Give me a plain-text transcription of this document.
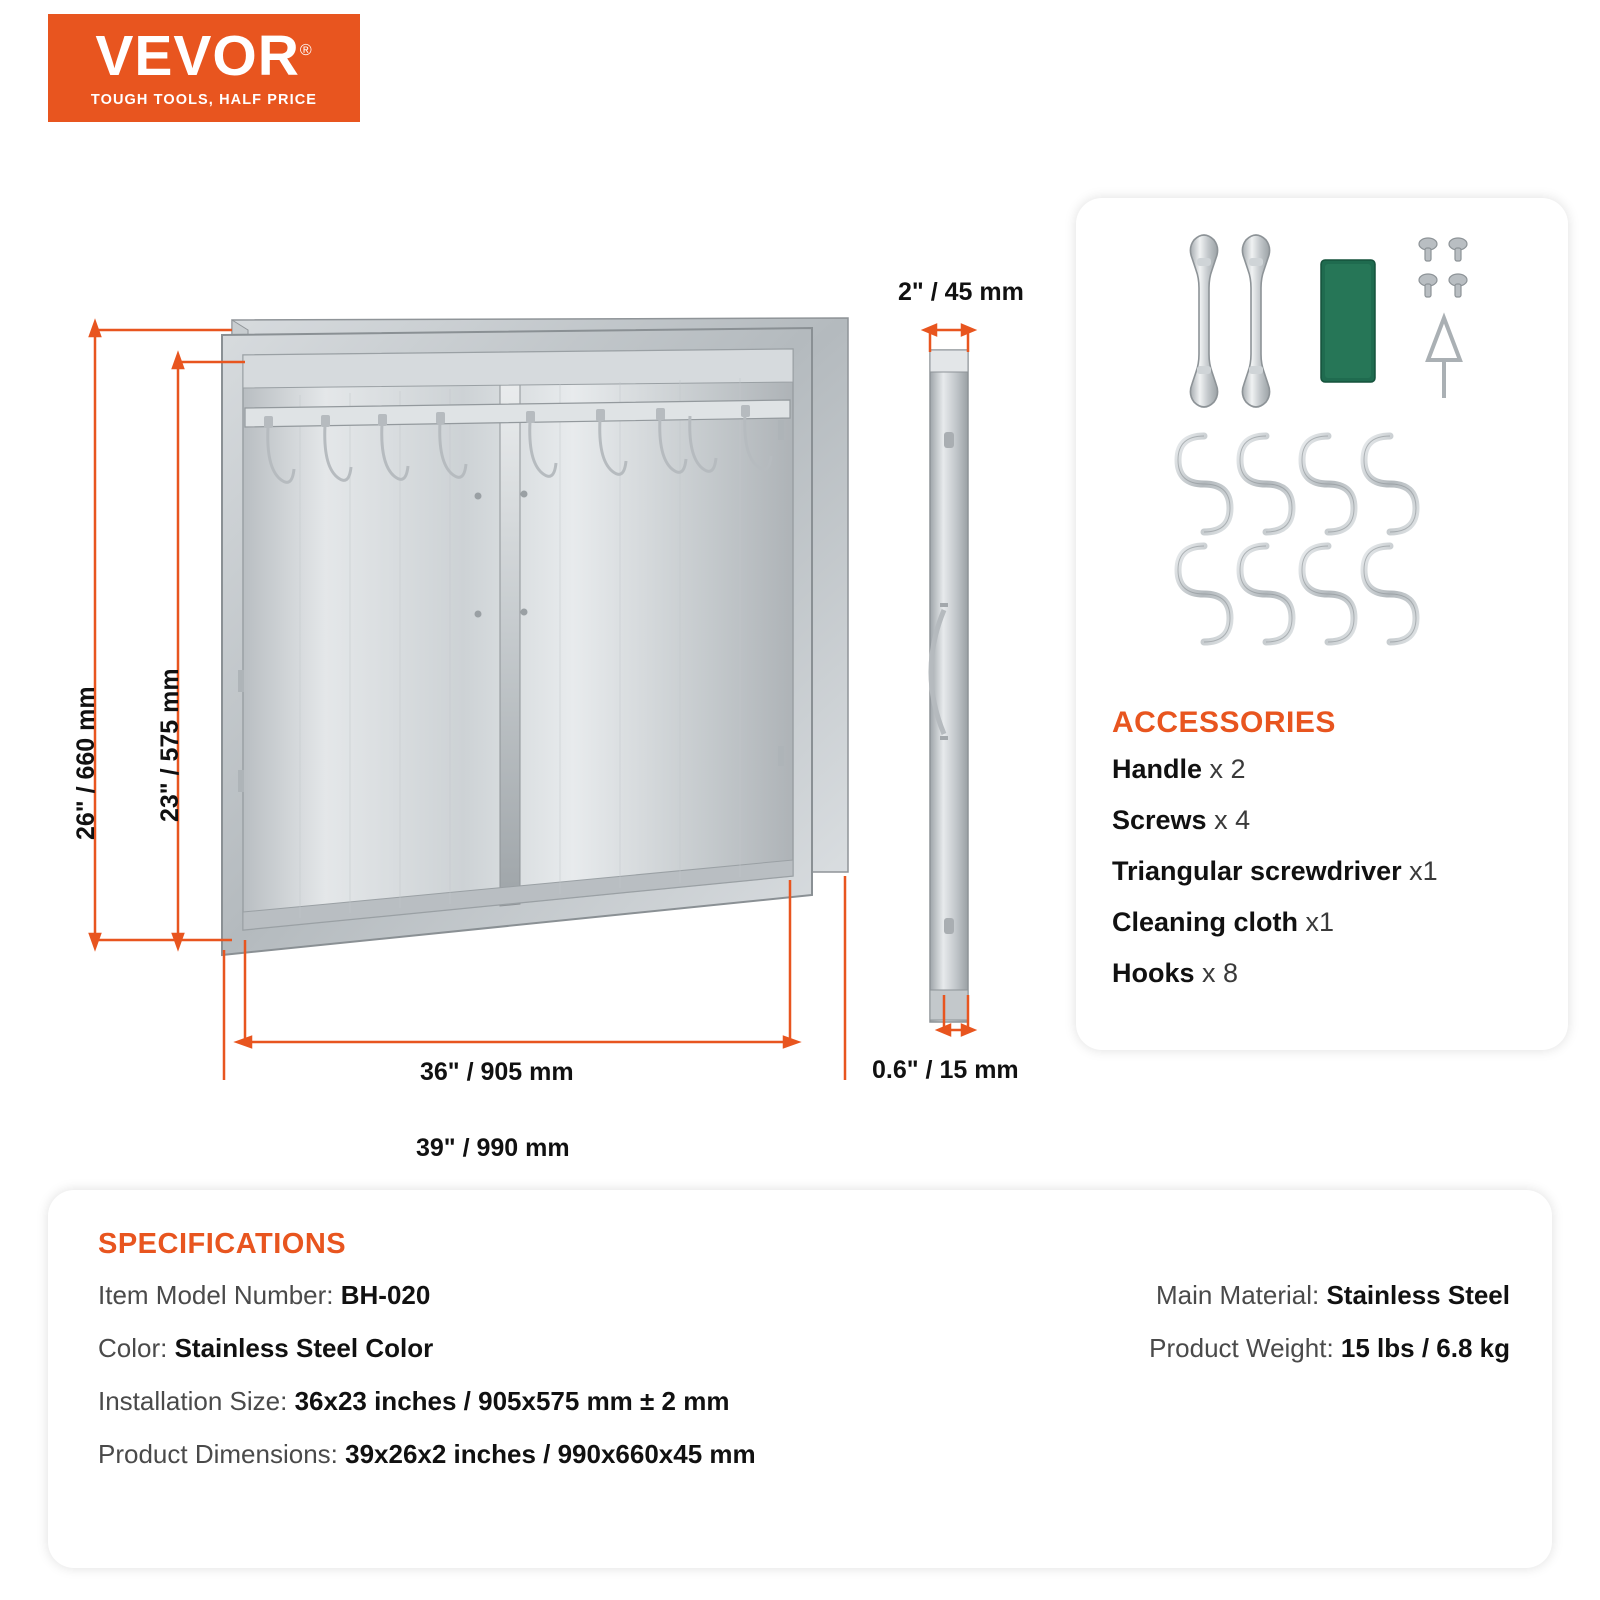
VEVOR®
TOUGH TOOLS, HALF PRICE
26" / 660 mm 23" / 575 mm
36" / 905 mm
39" / 990 mm
2" / 45 mm
0.6" / 15 mm
ACCESSORIES
Handle x 2
Screws x 4
Triangular screwdriver x1
Cleaning cloth x1
Hooks x 8
SPECIFICATIONS
Item Model Number: BH-020
Color: Stainless Steel Color
Installation Size: 36x23 inches / 905x575 mm ± 2 mm
Product Dimensions: 39x26x2 inches / 990x660x45 mm
Main Material: Stainless Steel
Product Weight: 15 lbs / 6.8 kg
